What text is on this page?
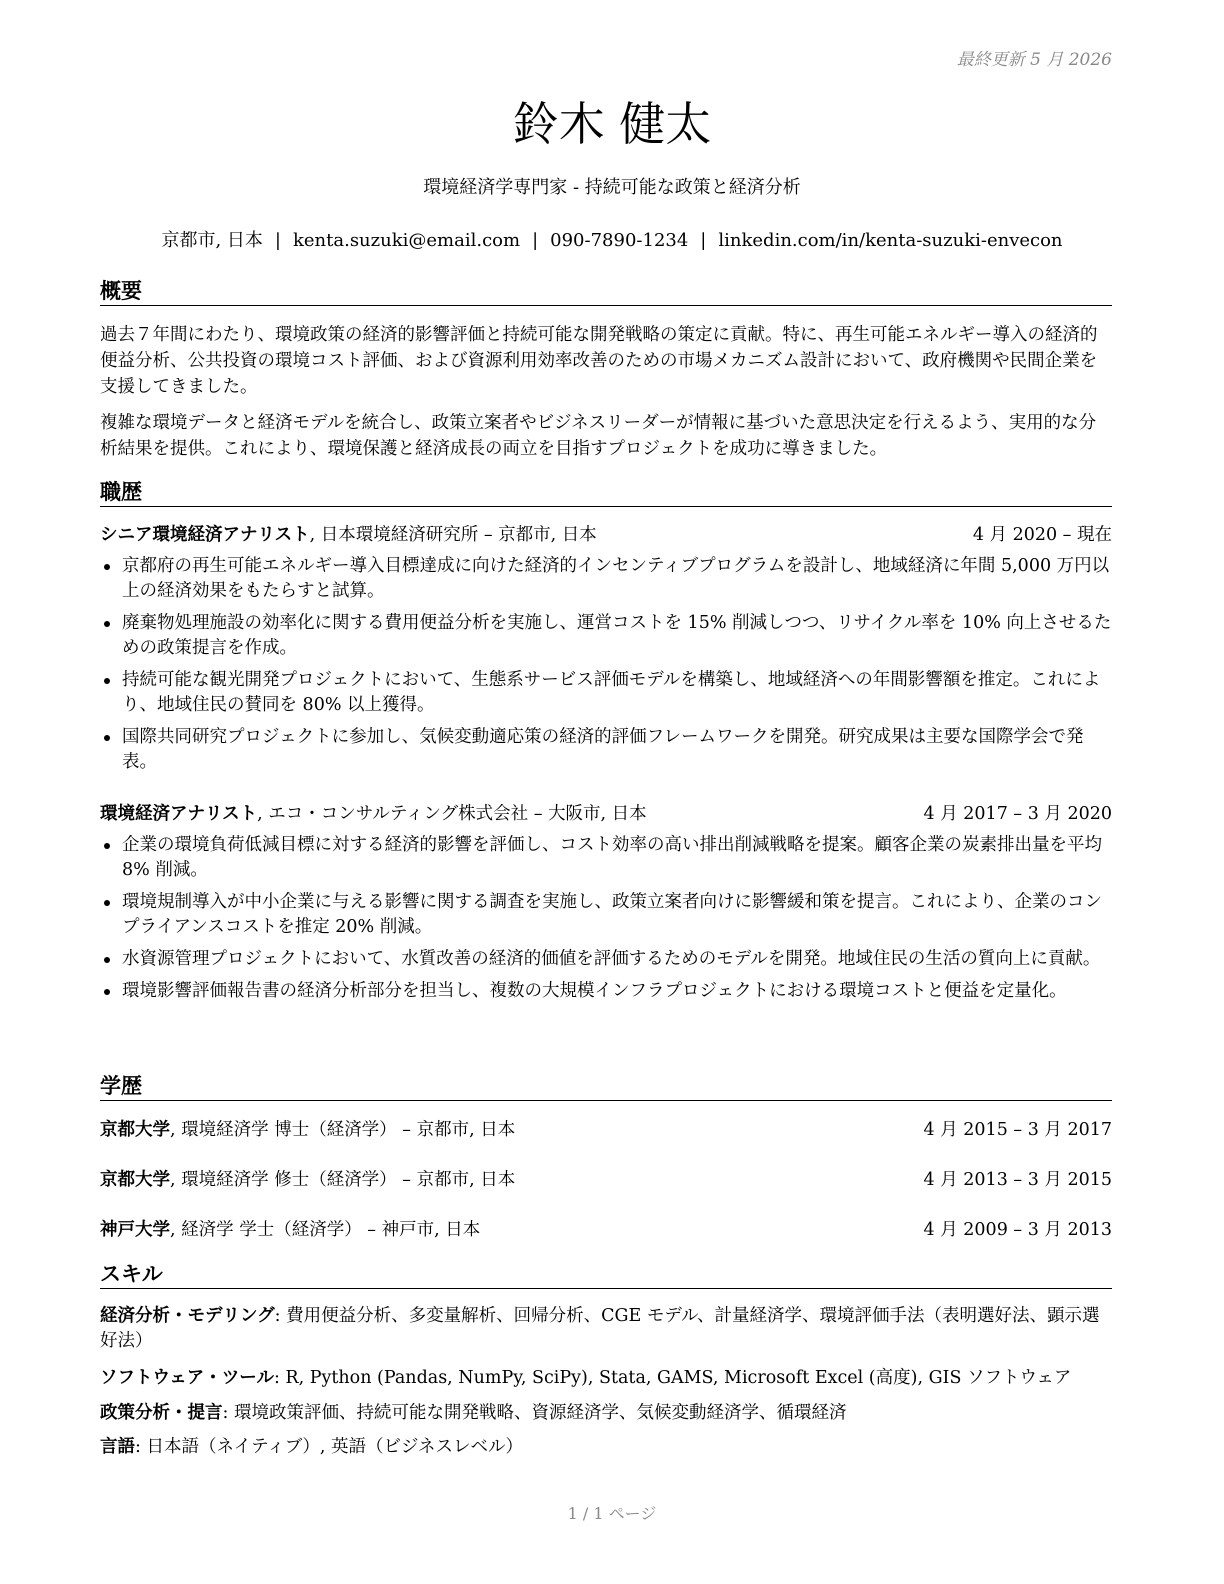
最終更新 5 月 2026
鈴木 健太
環境経済学専門家 - 持続可能な政策と経済分析
京都市, 日本 | kenta.suzuki@email.com | 090-7890-1234 | linkedin.com/in/kenta-suzuki-envecon
概要
過去７年間にわたり、環境政策の経済的影響評価と持続可能な開発戦略の策定に貢献。特に、再生可能エネルギー導入の経済的便益分析、公共投資の環境コスト評価、および資源利用効率改善のための市場メカニズム設計において、政府機関や民間企業を支援してきました。
複雑な環境データと経済モデルを統合し、政策立案者やビジネスリーダーが情報に基づいた意思決定を行えるよう、実用的な分析結果を提供。これにより、環境保護と経済成長の両立を目指すプロジェクトを成功に導きました。
職歴
シニア環境経済アナリスト, 日本環境経済研究所 – 京都市, 日本	4 月 2020 – 現在
京都府の再生可能エネルギー導入目標達成に向けた経済的インセンティブプログラムを設計し、地域経済に年間 5,000 万円以上の経済効果をもたらすと試算。
廃棄物処理施設の効率化に関する費用便益分析を実施し、運営コストを 15% 削減しつつ、リサイクル率を 10% 向上させるための政策提言を作成。
持続可能な観光開発プロジェクトにおいて、生態系サービス評価モデルを構築し、地域経済への年間影響額を推定。これにより、地域住民の賛同を 80% 以上獲得。
国際共同研究プロジェクトに参加し、気候変動適応策の経済的評価フレームワークを開発。研究成果は主要な国際学会で発表。
環境経済アナリスト, エコ・コンサルティング株式会社 – 大阪市, 日本	4 月 2017 – 3 月 2020
企業の環境負荷低減目標に対する経済的影響を評価し、コスト効率の高い排出削減戦略を提案。顧客企業の炭素排出量を平均 8% 削減。
環境規制導入が中小企業に与える影響に関する調査を実施し、政策立案者向けに影響緩和策を提言。これにより、企業のコンプライアンスコストを推定 20% 削減。
水資源管理プロジェクトにおいて、水質改善の経済的価値を評価するためのモデルを開発。地域住民の生活の質向上に貢献。
環境影響評価報告書の経済分析部分を担当し、複数の大規模インフラプロジェクトにおける環境コストと便益を定量化。
学歴
京都大学, 環境経済学 博士（経済学） – 京都市, 日本	4 月 2015 – 3 月 2017
京都大学, 環境経済学 修士（経済学） – 京都市, 日本	4 月 2013 – 3 月 2015
神戸大学, 経済学 学士（経済学） – 神戸市, 日本	4 月 2009 – 3 月 2013
スキル
経済分析・モデリング: 費用便益分析、多変量解析、回帰分析、CGE モデル、計量経済学、環境評価手法（表明選好法、顕示選好法）
ソフトウェア・ツール: R, Python (Pandas, NumPy, SciPy), Stata, GAMS, Microsoft Excel (高度), GIS ソフトウェア
政策分析・提言: 環境政策評価、持続可能な開発戦略、資源経済学、気候変動経済学、循環経済
言語: 日本語（ネイティブ）, 英語（ビジネスレベル）
1 / 1 ページ
